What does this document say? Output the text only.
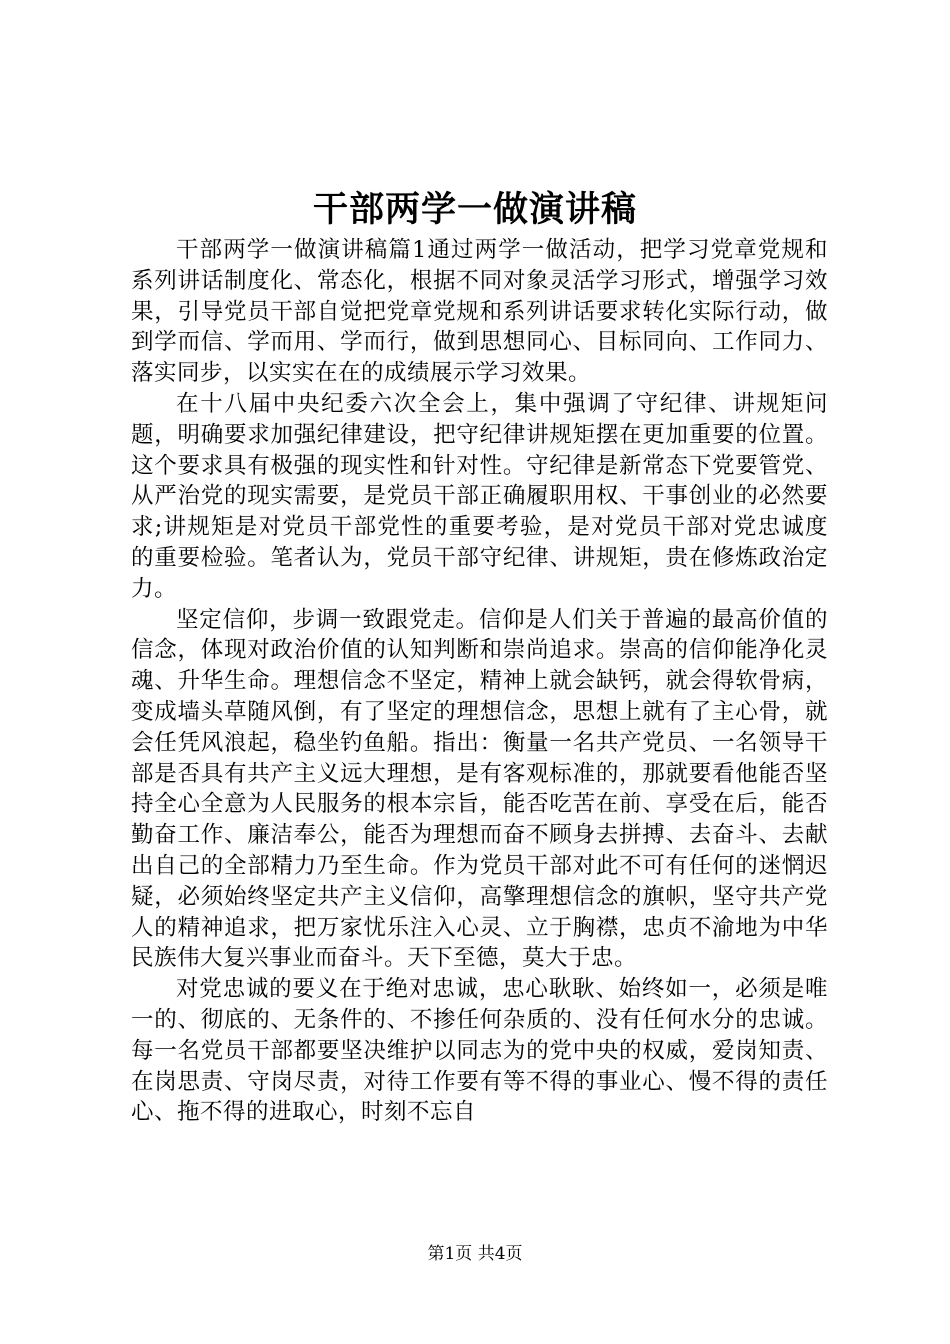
干部两学一做演讲稿

干部两学一做演讲稿篇1通过两学一做活动，把学习党章党规和系列讲话制度化、常态化，根据不同对象灵活学习形式，增强学习效果，引导党员干部自觉把党章党规和系列讲话要求转化实际行动，做到学而信、学而用、学而行，做到思想同心、目标同向、工作同力、落实同步，以实实在在的成绩展示学习效果。

在十八届中央纪委六次全会上，集中强调了守纪律、讲规矩问题，明确要求加强纪律建设，把守纪律讲规矩摆在更加重要的位置。这个要求具有极强的现实性和针对性。守纪律是新常态下党要管党、从严治党的现实需要，是党员干部正确履职用权、干事创业的必然要求;讲规矩是对党员干部党性的重要考验，是对党员干部对党忠诚度的重要检验。笔者认为，党员干部守纪律、讲规矩，贵在修炼政治定力。

坚定信仰，步调一致跟党走。信仰是人们关于普遍的最高价值的信念，体现对政治价值的认知判断和崇尚追求。崇高的信仰能净化灵魂、升华生命。理想信念不坚定，精神上就会缺钙，就会得软骨病，变成墙头草随风倒，有了坚定的理想信念，思想上就有了主心骨，就会任凭风浪起，稳坐钓鱼船。指出：衡量一名共产党员、一名领导干部是否具有共产主义远大理想，是有客观标准的，那就要看他能否坚持全心全意为人民服务的根本宗旨，能否吃苦在前、享受在后，能否勤奋工作、廉洁奉公，能否为理想而奋不顾身去拼搏、去奋斗、去献出自己的全部精力乃至生命。作为党员干部对此不可有任何的迷惘迟疑，必须始终坚定共产主义信仰，高擎理想信念的旗帜，坚守共产党人的精神追求，把万家忧乐注入心灵、立于胸襟，忠贞不渝地为中华民族伟大复兴事业而奋斗。天下至德，莫大于忠。

对党忠诚的要义在于绝对忠诚，忠心耿耿、始终如一，必须是唯一的、彻底的、无条件的、不掺任何杂质的、没有任何水分的忠诚。每一名党员干部都要坚决维护以同志为的党中央的权威，爱岗知责、在岗思责、守岗尽责，对待工作要有等不得的事业心、慢不得的责任心、拖不得的进取心，时刻不忘自

第1页 共4页
